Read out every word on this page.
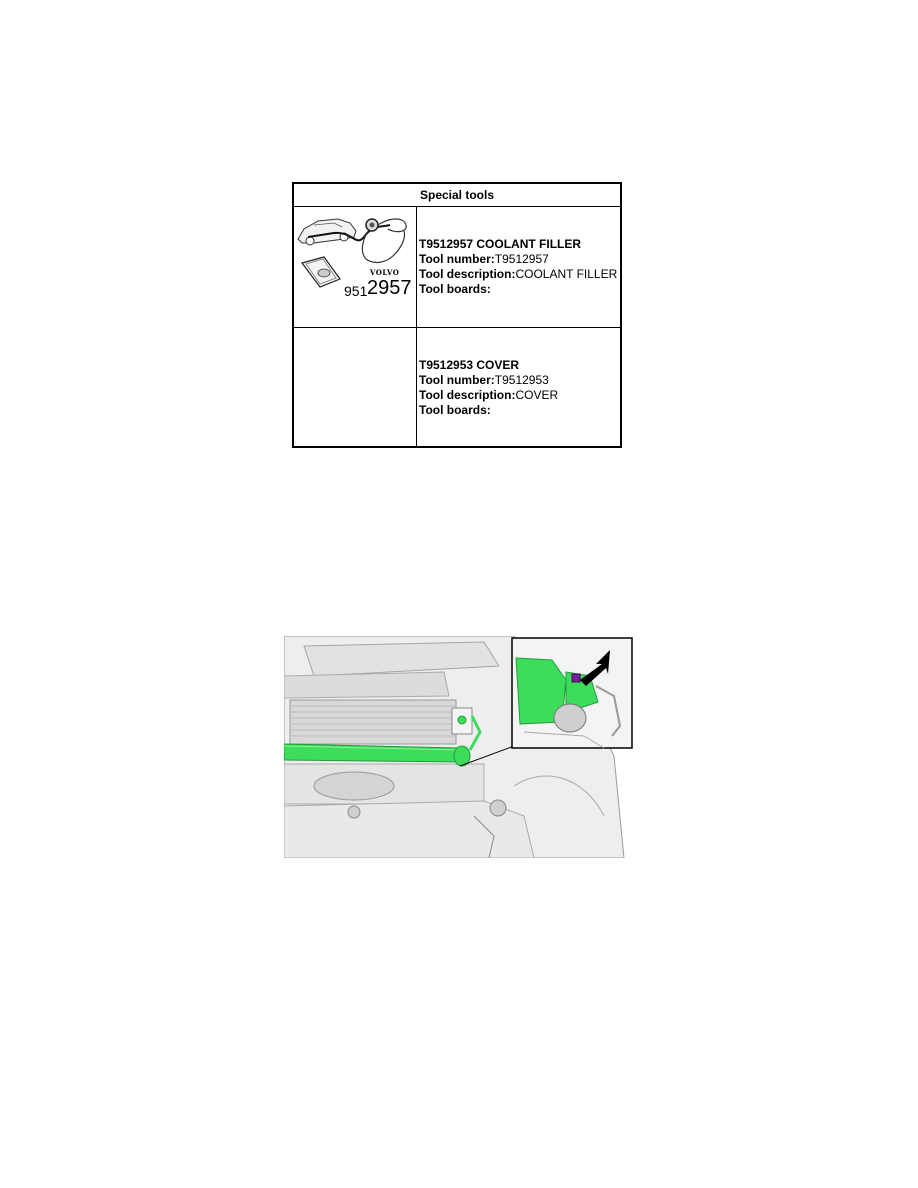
Special tools
VOLVO
951 2957
T9512957 COOLANT FILLER
Tool number:T9512957
Tool description:COOLANT FILLER
Tool boards:
T9512953 COVER
Tool number:T9512953
Tool description:COVER
Tool boards:
